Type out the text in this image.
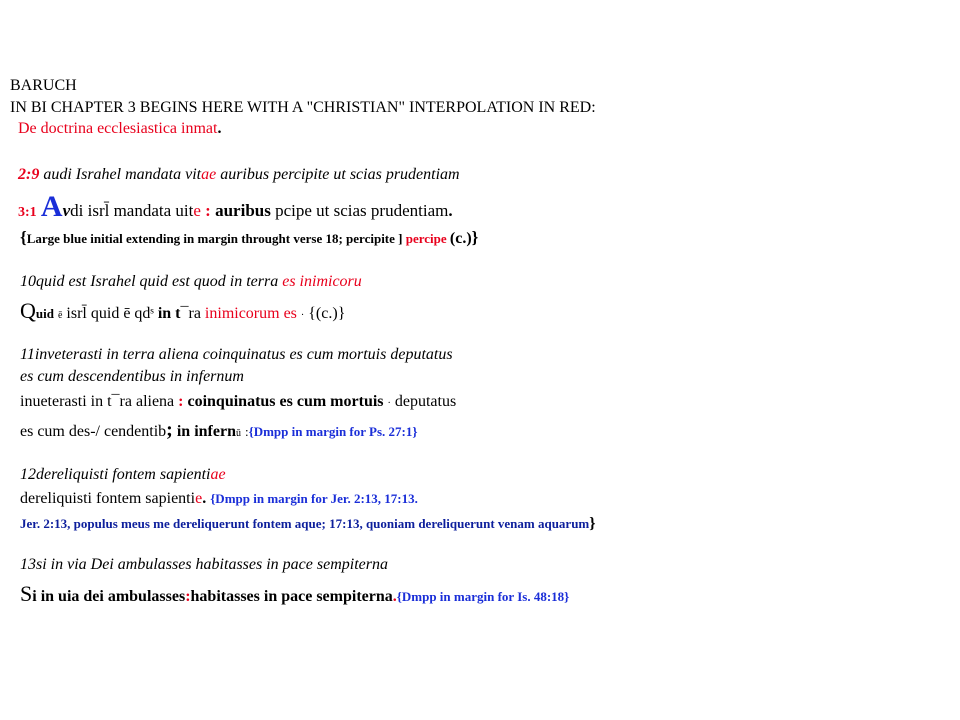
BARUCH
IN BI CHAPTER 3 BEGINS HERE WITH A "CHRISTIAN" INTERPOLATION IN RED:
De doctrina ecclesiastica inmat.
2:9 audi Israhel mandata vitae auribus percipite ut scias prudentiam
3:1 Avdi isrl̄ mandata uite : auribus pcipe ut scias prudentiam.
{Large blue initial extending in margin throught verse 18; percipite ] percipe (c.)}
10quid est Israhel quid est quod in terra es inimicoru
Quid ē isrl̄ quid ē qdˢ in t¯ra inimicorum es · {(c.)}
11inveterasti in terra aliena coinquinatus es cum mortuis deputatus
es cum descendentibus in infernum
inueterasti in t¯ra aliena : coinquinatus es cum mortuis · deputatus
es cum des-/ cendentib; in infernū :{Dmpp in margin for Ps. 27:1}
12dereliquisti fontem sapientiae
dereliquisti fontem sapientie. {Dmpp in margin for Jer. 2:13, 17:13.
Jer. 2:13, populus meus me dereliquerunt fontem aque; 17:13, quoniam dereliquerunt venam aquarum}
13si in via Dei ambulasses habitasses in pace sempiterna
Si in uia dei ambulasses:habitasses in pace sempiterna.{Dmpp in margin for Is. 48:18}
